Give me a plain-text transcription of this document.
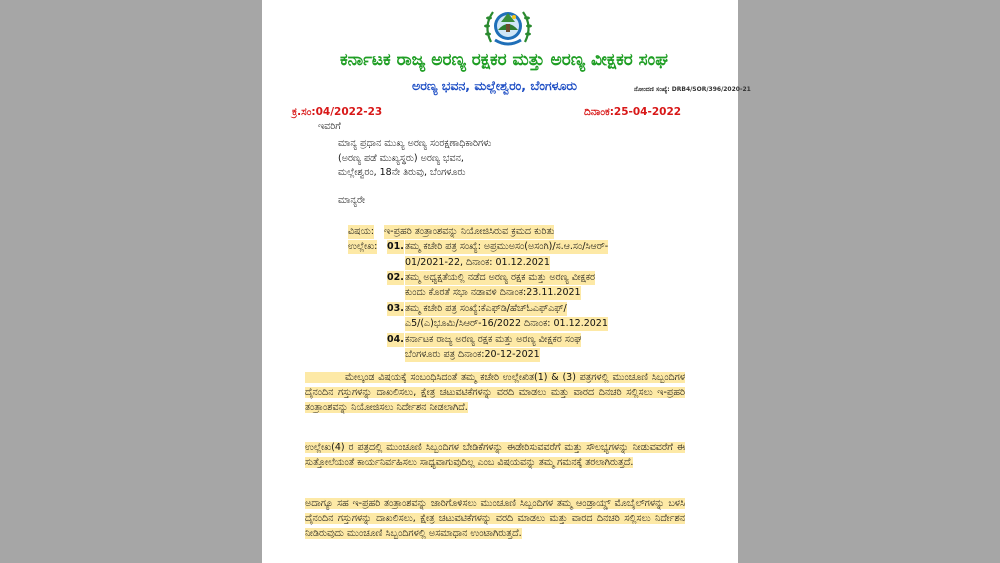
ಕರ್ನಾಟಕ ರಾಜ್ಯ ಅರಣ್ಯ ರಕ್ಷಕರ ಮತ್ತು ಅರಣ್ಯ ವೀಕ್ಷಕರ ಸಂಘ
ಅರಣ್ಯ ಭವನ, ಮಲ್ಲೇಶ್ವರಂ, ಬೆಂಗಳೂರು	ನೋಂದಣಿ ಸಂಖ್ಯೆ: DRB4/SOR/396/2020-21
ಕ್ರ.ಸಂ:04/2022-23	ದಿನಾಂಕ:25-04-2022
ಇವರಿಗೆ
ಮಾನ್ಯ ಪ್ರಧಾನ ಮುಖ್ಯ ಅರಣ್ಯ ಸಂರಕ್ಷಣಾಧಿಕಾರಿಗಳು
(ಅರಣ್ಯ ಪಡೆ ಮುಖ್ಯಸ್ಥರು) ಅರಣ್ಯ ಭವನ,
ಮಲ್ಲೇಶ್ವರಂ, 18ನೇ ತಿರುವು, ಬೆಂಗಳೂರು
ಮಾನ್ಯರೇ
ವಿಷಯ: ಇ-ಪ್ರಹರಿ ತಂತ್ರಾಂಶವನ್ನು ನಿಯೋಜಿಸಿರುವ ಕ್ರಮದ ಕುರಿತು
ಉಲ್ಲೇಖ: 01. ತಮ್ಮ ಕಚೇರಿ ಪತ್ರ ಸಂಖ್ಯೆ: ಅಪ್ರಮುಅಸಂ(ಅಸಂಗಿ)/ಸ.ಆ.ಸಂ/ಸಿಆರ್-
01/2021-22, ದಿನಾಂಕ: 01.12.2021
02. ತಮ್ಮ ಅಧ್ಯಕ್ಷತೆಯಲ್ಲಿ ನಡೆದ ಅರಣ್ಯ ರಕ್ಷಕ ಮತ್ತು ಅರಣ್ಯ ವೀಕ್ಷಕರ
ಕುಂದು ಕೊರತೆ ಸಭಾ ನಡಾವಳಿ ದಿನಾಂಕ:23.11.2021
03. ತಮ್ಮ ಕಚೇರಿ ಪತ್ರ ಸಂಖ್ಯೆ:ಕೆಎಫ್‌ಡಿ/ಹೆಚ್‌ಓಎಫ್‌ಎಫ್/
ಎ5/(ಎ)ಭೂಮಿ/ಸಿಆರ್-16/2022 ದಿನಾಂಕ: 01.12.2021
04. ಕರ್ನಾಟಕ ರಾಜ್ಯ ಅರಣ್ಯ ರಕ್ಷಕ ಮತ್ತು ಅರಣ್ಯ ವೀಕ್ಷಕರ ಸಂಘ
ಬೆಂಗಳೂರು ಪತ್ರ ದಿನಾಂಕ:20-12-2021
ಮೇಲ್ಕಂಡ ವಿಷಯಕ್ಕೆ ಸಂಬಂಧಿಸಿದಂತೆ ತಮ್ಮ ಕಚೇರಿ ಉಲ್ಲೇಖಿತ(1) & (3) ಪತ್ರಗಳಲ್ಲಿ ಮುಂಚೂಣಿ ಸಿಬ್ಬಂದಿಗಳ ದೈನಂದಿನ ಗಸ್ತುಗಳನ್ನು ದಾಖಲಿಸಲು, ಕ್ಷೇತ್ರ ಚಟುವಟಿಕೆಗಳನ್ನು ವರದಿ ಮಾಡಲು ಮತ್ತು ವಾರದ ದಿನಚರಿ ಸಲ್ಲಿಸಲು ಇ-ಪ್ರಹರಿ ತಂತ್ರಾಂಶವನ್ನು ನಿಯೋಜಿಸಲು ನಿರ್ದೇಶನ ನೀಡಲಾಗಿದೆ.
ಉಲ್ಲೇಖ(4) ರ ಪತ್ರದಲ್ಲಿ ಮುಂಚೂಣಿ ಸಿಬ್ಬಂದಿಗಳ ಬೇಡಿಕೆಗಳನ್ನು ಈಡೇರಿಸುವವರೆಗೆ ಮತ್ತು ಸೌಲಭ್ಯಗಳನ್ನು ನೀಡುವವರೆಗೆ ಈ ಸುತ್ತೋಲೆಯಂತೆ ಕಾರ್ಯನಿರ್ವಹಿಸಲು ಸಾಧ್ಯವಾಗುವುದಿಲ್ಲ ಎಂಬ ವಿಷಯವನ್ನು ತಮ್ಮ ಗಮನಕ್ಕೆ ತರಲಾಗಿರುತ್ತದೆ.
ಅದಾಗ್ಯೂ ಸಹ ಇ-ಪ್ರಹರಿ ತಂತ್ರಾಂಶವನ್ನು ಜಾರಿಗೊಳಿಸಲು ಮುಂಚೂಣಿ ಸಿಬ್ಬಂದಿಗಳ ತಮ್ಮ ಆಂಡ್ರಾಯ್ಡ್ ಮೊಬೈಲ್‌ಗಳನ್ನು ಬಳಸಿ ದೈನಂದಿನ ಗಸ್ತುಗಳನ್ನು ದಾಖಲಿಸಲು, ಕ್ಷೇತ್ರ ಚಟುವಟಿಕೆಗಳನ್ನು ವರದಿ ಮಾಡಲು ಮತ್ತು ವಾರದ ದಿನಚರಿ ಸಲ್ಲಿಸಲು ನಿರ್ದೇಶನ ನೀಡಿರುವುದು ಮುಂಚೂಣಿ ಸಿಬ್ಬಂದಿಗಳಲ್ಲಿ ಅಸಮಾಧಾನ ಉಂಟಾಗಿರುತ್ತದೆ.
